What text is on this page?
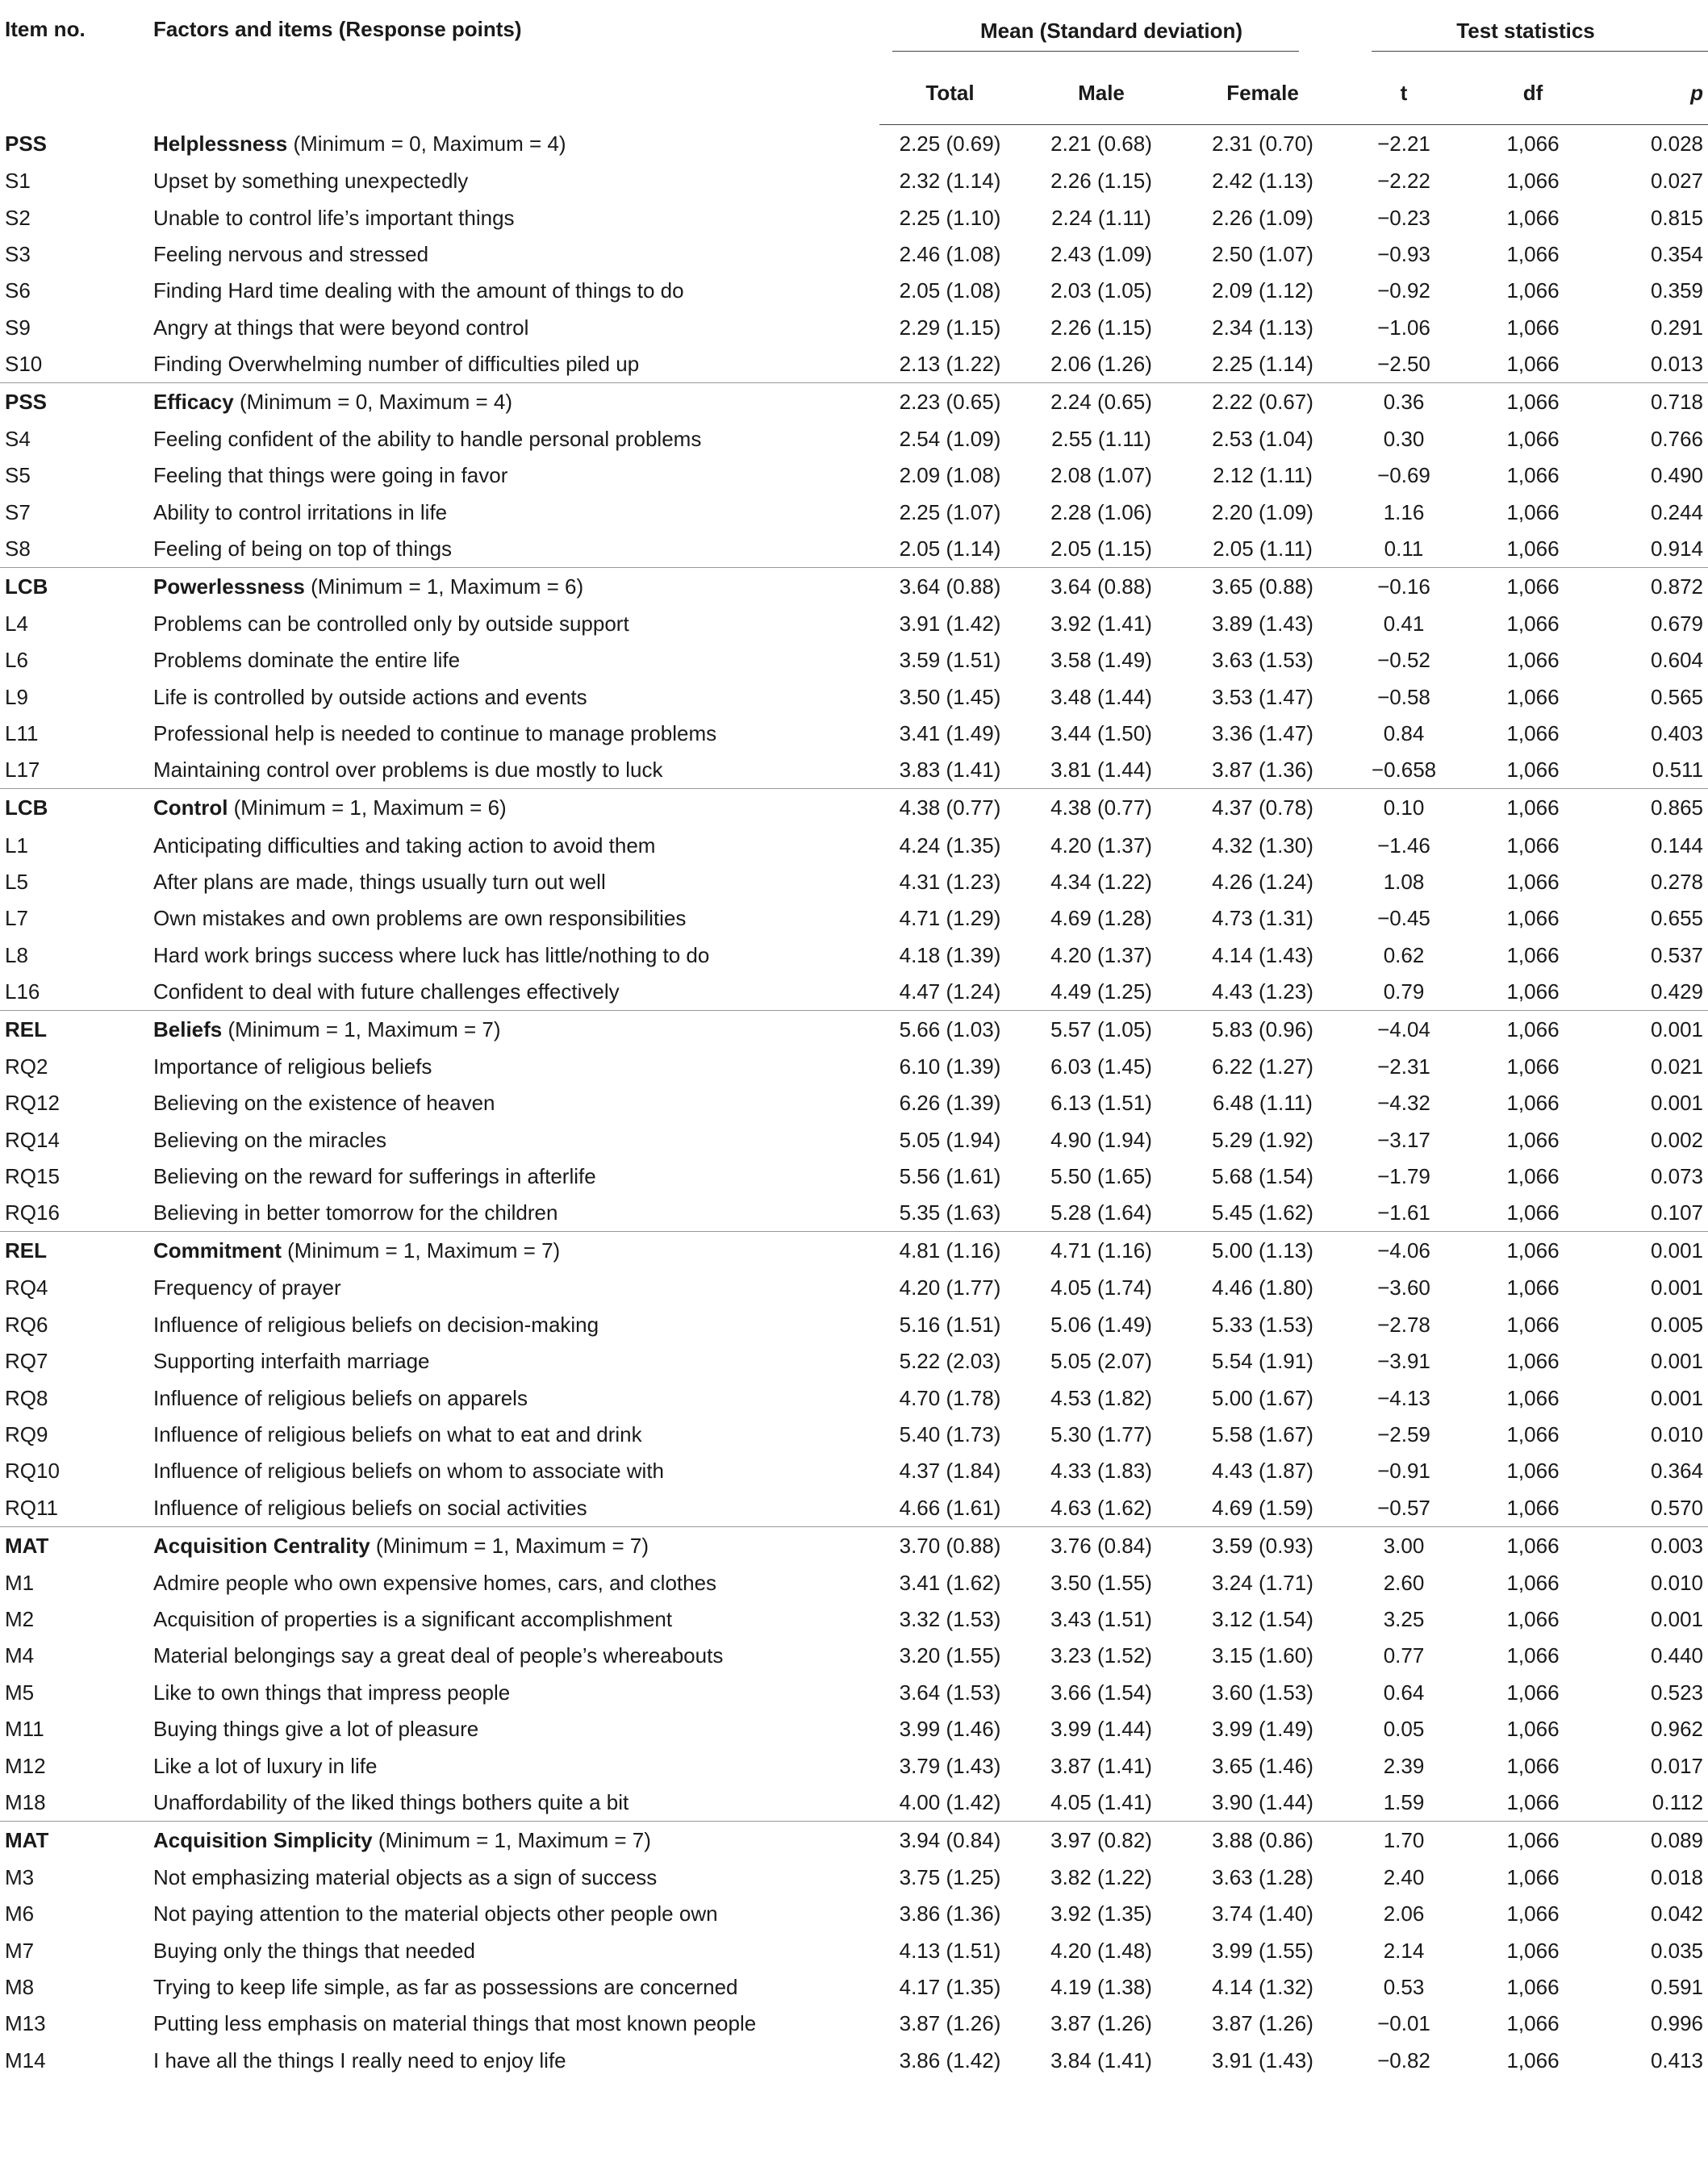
Item no.	Factors and items (Response points)	Mean (Standard deviation)			Test statistics		

		Total	Male	Female	t	df	p
PSS	Helplessness (Minimum = 0, Maximum = 4)	2.25 (0.69)	2.21 (0.68)	2.31 (0.70)	−2.21	1,066	0.028
S1	Upset by something unexpectedly	2.32 (1.14)	2.26 (1.15)	2.42 (1.13)	−2.22	1,066	0.027
S2	Unable to control life’s important things	2.25 (1.10)	2.24 (1.11)	2.26 (1.09)	−0.23	1,066	0.815
S3	Feeling nervous and stressed	2.46 (1.08)	2.43 (1.09)	2.50 (1.07)	−0.93	1,066	0.354
S6	Finding Hard time dealing with the amount of things to do	2.05 (1.08)	2.03 (1.05)	2.09 (1.12)	−0.92	1,066	0.359
S9	Angry at things that were beyond control	2.29 (1.15)	2.26 (1.15)	2.34 (1.13)	−1.06	1,066	0.291
S10	Finding Overwhelming number of difficulties piled up	2.13 (1.22)	2.06 (1.26)	2.25 (1.14)	−2.50	1,066	0.013
PSS	Efficacy (Minimum = 0, Maximum = 4)	2.23 (0.65)	2.24 (0.65)	2.22 (0.67)	0.36	1,066	0.718
S4	Feeling confident of the ability to handle personal problems	2.54 (1.09)	2.55 (1.11)	2.53 (1.04)	0.30	1,066	0.766
S5	Feeling that things were going in favor	2.09 (1.08)	2.08 (1.07)	2.12 (1.11)	−0.69	1,066	0.490
S7	Ability to control irritations in life	2.25 (1.07)	2.28 (1.06)	2.20 (1.09)	1.16	1,066	0.244
S8	Feeling of being on top of things	2.05 (1.14)	2.05 (1.15)	2.05 (1.11)	0.11	1,066	0.914
LCB	Powerlessness (Minimum = 1, Maximum = 6)	3.64 (0.88)	3.64 (0.88)	3.65 (0.88)	−0.16	1,066	0.872
L4	Problems can be controlled only by outside support	3.91 (1.42)	3.92 (1.41)	3.89 (1.43)	0.41	1,066	0.679
L6	Problems dominate the entire life	3.59 (1.51)	3.58 (1.49)	3.63 (1.53)	−0.52	1,066	0.604
L9	Life is controlled by outside actions and events	3.50 (1.45)	3.48 (1.44)	3.53 (1.47)	−0.58	1,066	0.565
L11	Professional help is needed to continue to manage problems	3.41 (1.49)	3.44 (1.50)	3.36 (1.47)	0.84	1,066	0.403
L17	Maintaining control over problems is due mostly to luck	3.83 (1.41)	3.81 (1.44)	3.87 (1.36)	−0.658	1,066	0.511
LCB	Control (Minimum = 1, Maximum = 6)	4.38 (0.77)	4.38 (0.77)	4.37 (0.78)	0.10	1,066	0.865
L1	Anticipating difficulties and taking action to avoid them	4.24 (1.35)	4.20 (1.37)	4.32 (1.30)	−1.46	1,066	0.144
L5	After plans are made, things usually turn out well	4.31 (1.23)	4.34 (1.22)	4.26 (1.24)	1.08	1,066	0.278
L7	Own mistakes and own problems are own responsibilities	4.71 (1.29)	4.69 (1.28)	4.73 (1.31)	−0.45	1,066	0.655
L8	Hard work brings success where luck has little/nothing to do	4.18 (1.39)	4.20 (1.37)	4.14 (1.43)	0.62	1,066	0.537
L16	Confident to deal with future challenges effectively	4.47 (1.24)	4.49 (1.25)	4.43 (1.23)	0.79	1,066	0.429
REL	Beliefs (Minimum = 1, Maximum = 7)	5.66 (1.03)	5.57 (1.05)	5.83 (0.96)	−4.04	1,066	0.001
RQ2	Importance of religious beliefs	6.10 (1.39)	6.03 (1.45)	6.22 (1.27)	−2.31	1,066	0.021
RQ12	Believing on the existence of heaven	6.26 (1.39)	6.13 (1.51)	6.48 (1.11)	−4.32	1,066	0.001
RQ14	Believing on the miracles	5.05 (1.94)	4.90 (1.94)	5.29 (1.92)	−3.17	1,066	0.002
RQ15	Believing on the reward for sufferings in afterlife	5.56 (1.61)	5.50 (1.65)	5.68 (1.54)	−1.79	1,066	0.073
RQ16	Believing in better tomorrow for the children	5.35 (1.63)	5.28 (1.64)	5.45 (1.62)	−1.61	1,066	0.107
REL	Commitment (Minimum = 1, Maximum = 7)	4.81 (1.16)	4.71 (1.16)	5.00 (1.13)	−4.06	1,066	0.001
RQ4	Frequency of prayer	4.20 (1.77)	4.05 (1.74)	4.46 (1.80)	−3.60	1,066	0.001
RQ6	Influence of religious beliefs on decision-making	5.16 (1.51)	5.06 (1.49)	5.33 (1.53)	−2.78	1,066	0.005
RQ7	Supporting interfaith marriage	5.22 (2.03)	5.05 (2.07)	5.54 (1.91)	−3.91	1,066	0.001
RQ8	Influence of religious beliefs on apparels	4.70 (1.78)	4.53 (1.82)	5.00 (1.67)	−4.13	1,066	0.001
RQ9	Influence of religious beliefs on what to eat and drink	5.40 (1.73)	5.30 (1.77)	5.58 (1.67)	−2.59	1,066	0.010
RQ10	Influence of religious beliefs on whom to associate with	4.37 (1.84)	4.33 (1.83)	4.43 (1.87)	−0.91	1,066	0.364
RQ11	Influence of religious beliefs on social activities	4.66 (1.61)	4.63 (1.62)	4.69 (1.59)	−0.57	1,066	0.570
MAT	Acquisition Centrality (Minimum = 1, Maximum = 7)	3.70 (0.88)	3.76 (0.84)	3.59 (0.93)	3.00	1,066	0.003
M1	Admire people who own expensive homes, cars, and clothes	3.41 (1.62)	3.50 (1.55)	3.24 (1.71)	2.60	1,066	0.010
M2	Acquisition of properties is a significant accomplishment	3.32 (1.53)	3.43 (1.51)	3.12 (1.54)	3.25	1,066	0.001
M4	Material belongings say a great deal of people’s whereabouts	3.20 (1.55)	3.23 (1.52)	3.15 (1.60)	0.77	1,066	0.440
M5	Like to own things that impress people	3.64 (1.53)	3.66 (1.54)	3.60 (1.53)	0.64	1,066	0.523
M11	Buying things give a lot of pleasure	3.99 (1.46)	3.99 (1.44)	3.99 (1.49)	0.05	1,066	0.962
M12	Like a lot of luxury in life	3.79 (1.43)	3.87 (1.41)	3.65 (1.46)	2.39	1,066	0.017
M18	Unaffordability of the liked things bothers quite a bit	4.00 (1.42)	4.05 (1.41)	3.90 (1.44)	1.59	1,066	0.112
MAT	Acquisition Simplicity (Minimum = 1, Maximum = 7)	3.94 (0.84)	3.97 (0.82)	3.88 (0.86)	1.70	1,066	0.089
M3	Not emphasizing material objects as a sign of success	3.75 (1.25)	3.82 (1.22)	3.63 (1.28)	2.40	1,066	0.018
M6	Not paying attention to the material objects other people own	3.86 (1.36)	3.92 (1.35)	3.74 (1.40)	2.06	1,066	0.042
M7	Buying only the things that needed	4.13 (1.51)	4.20 (1.48)	3.99 (1.55)	2.14	1,066	0.035
M8	Trying to keep life simple, as far as possessions are concerned	4.17 (1.35)	4.19 (1.38)	4.14 (1.32)	0.53	1,066	0.591
M13	Putting less emphasis on material things that most known people	3.87 (1.26)	3.87 (1.26)	3.87 (1.26)	−0.01	1,066	0.996
M14	I have all the things I really need to enjoy life	3.86 (1.42)	3.84 (1.41)	3.91 (1.43)	−0.82	1,066	0.413
